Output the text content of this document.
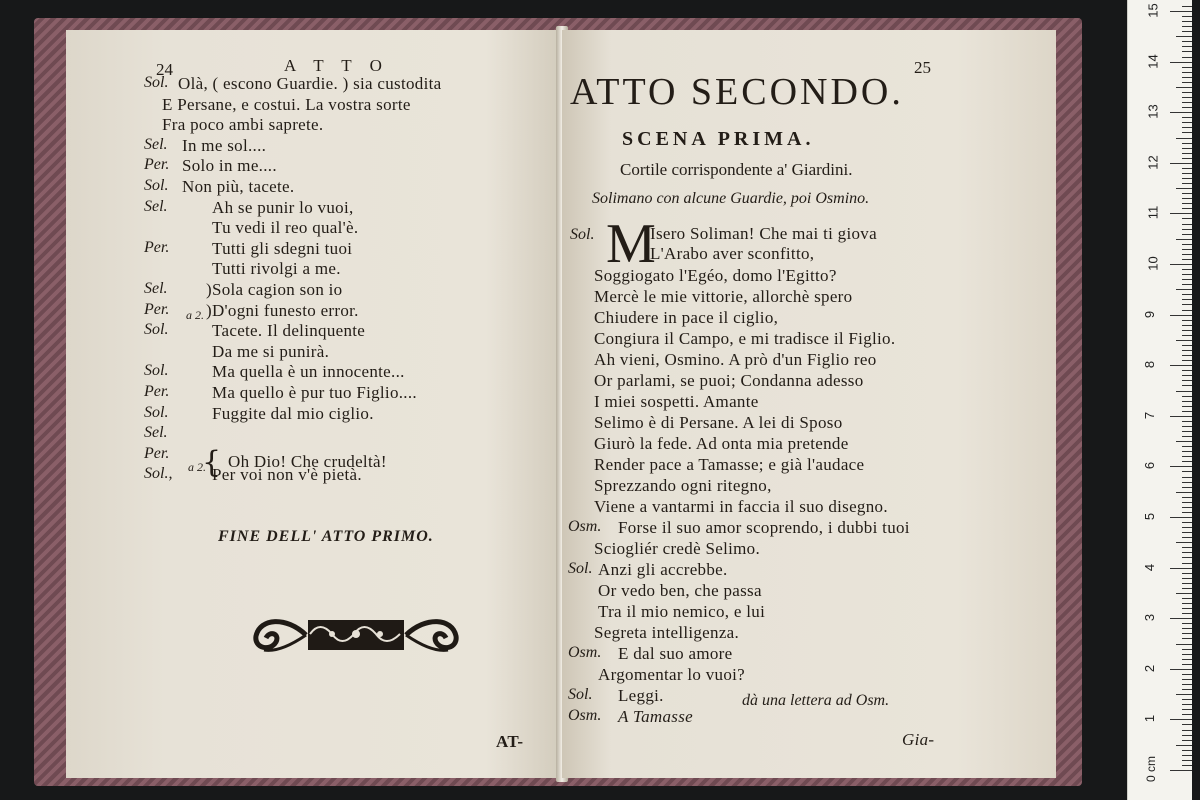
24	A T T O
Sol. Olà, ( escono Guardie. ) sia custodita
E Persane, e costui. La vostra sorte
Fra poco ambi saprete.
Sel. In me sol....
Per. Solo in me....
Sol. Non più, tacete.
Sel.	Ah se punir lo vuoi,
Tu vedi il reo qual'è.
Per.	Tutti gli sdegni tuoi
Tutti rivolgi a me.
Sel. )Sola cagion son io
Per. )D'ogni funesto error.
Sol.	Tacete. Il delinquente
Da me si punirà.
Sol.	Ma quella è un innocente...
Per.	Ma quello è pur tuo Figlio....
Sol.	Fuggite dal mio ciglio.
Sel.
Per.
Sol., Per voi non v'è pietà.
a 2.
{
a 2. Oh Dio! Che crudeltà!
FINE DELL' ATTO PRIMO.
AT-
25
ATTO SECONDO.
SCENA PRIMA.
Cortile corrispondente a' Giardini.
Solimano con alcune Guardie, poi Osmino.
Sol. M
Isero Soliman! Che mai ti giova
L'Arabo aver sconfitto,
Soggiogato l'Egéo, domo l'Egitto?
Mercè le mie vittorie, allorchè spero
Chiudere in pace il ciglio,
Congiura il Campo, e mi tradisce il Figlio.
Ah vieni, Osmino. A prò d'un Figlio reo
Or parlami, se puoi; Condanna adesso
I miei sospetti. Amante
Selimo è di Persane. A lei di Sposo
Giurò la fede. Ad onta mia pretende
Render pace a Tamasse; e già l'audace
Sprezzando ogni ritegno,
Viene a vantarmi in faccia il suo disegno.
Osm. Forse il suo amor scoprendo, i dubbi tuoi
Sciogliér credè Selimo.
Sol. Anzi gli accrebbe.
Or vedo ben, che passa
Tra il mio nemico, e lui
Segreta intelligenza.
Osm. E dal suo amore
Argomentar lo vuoi?
Sol. Leggi.
Osm. A Tamasse
dà una lettera ad Osm.
Gia-
0 cm
1
2
3
4
5
6
7
8
9
10
11
12
13
14
15
